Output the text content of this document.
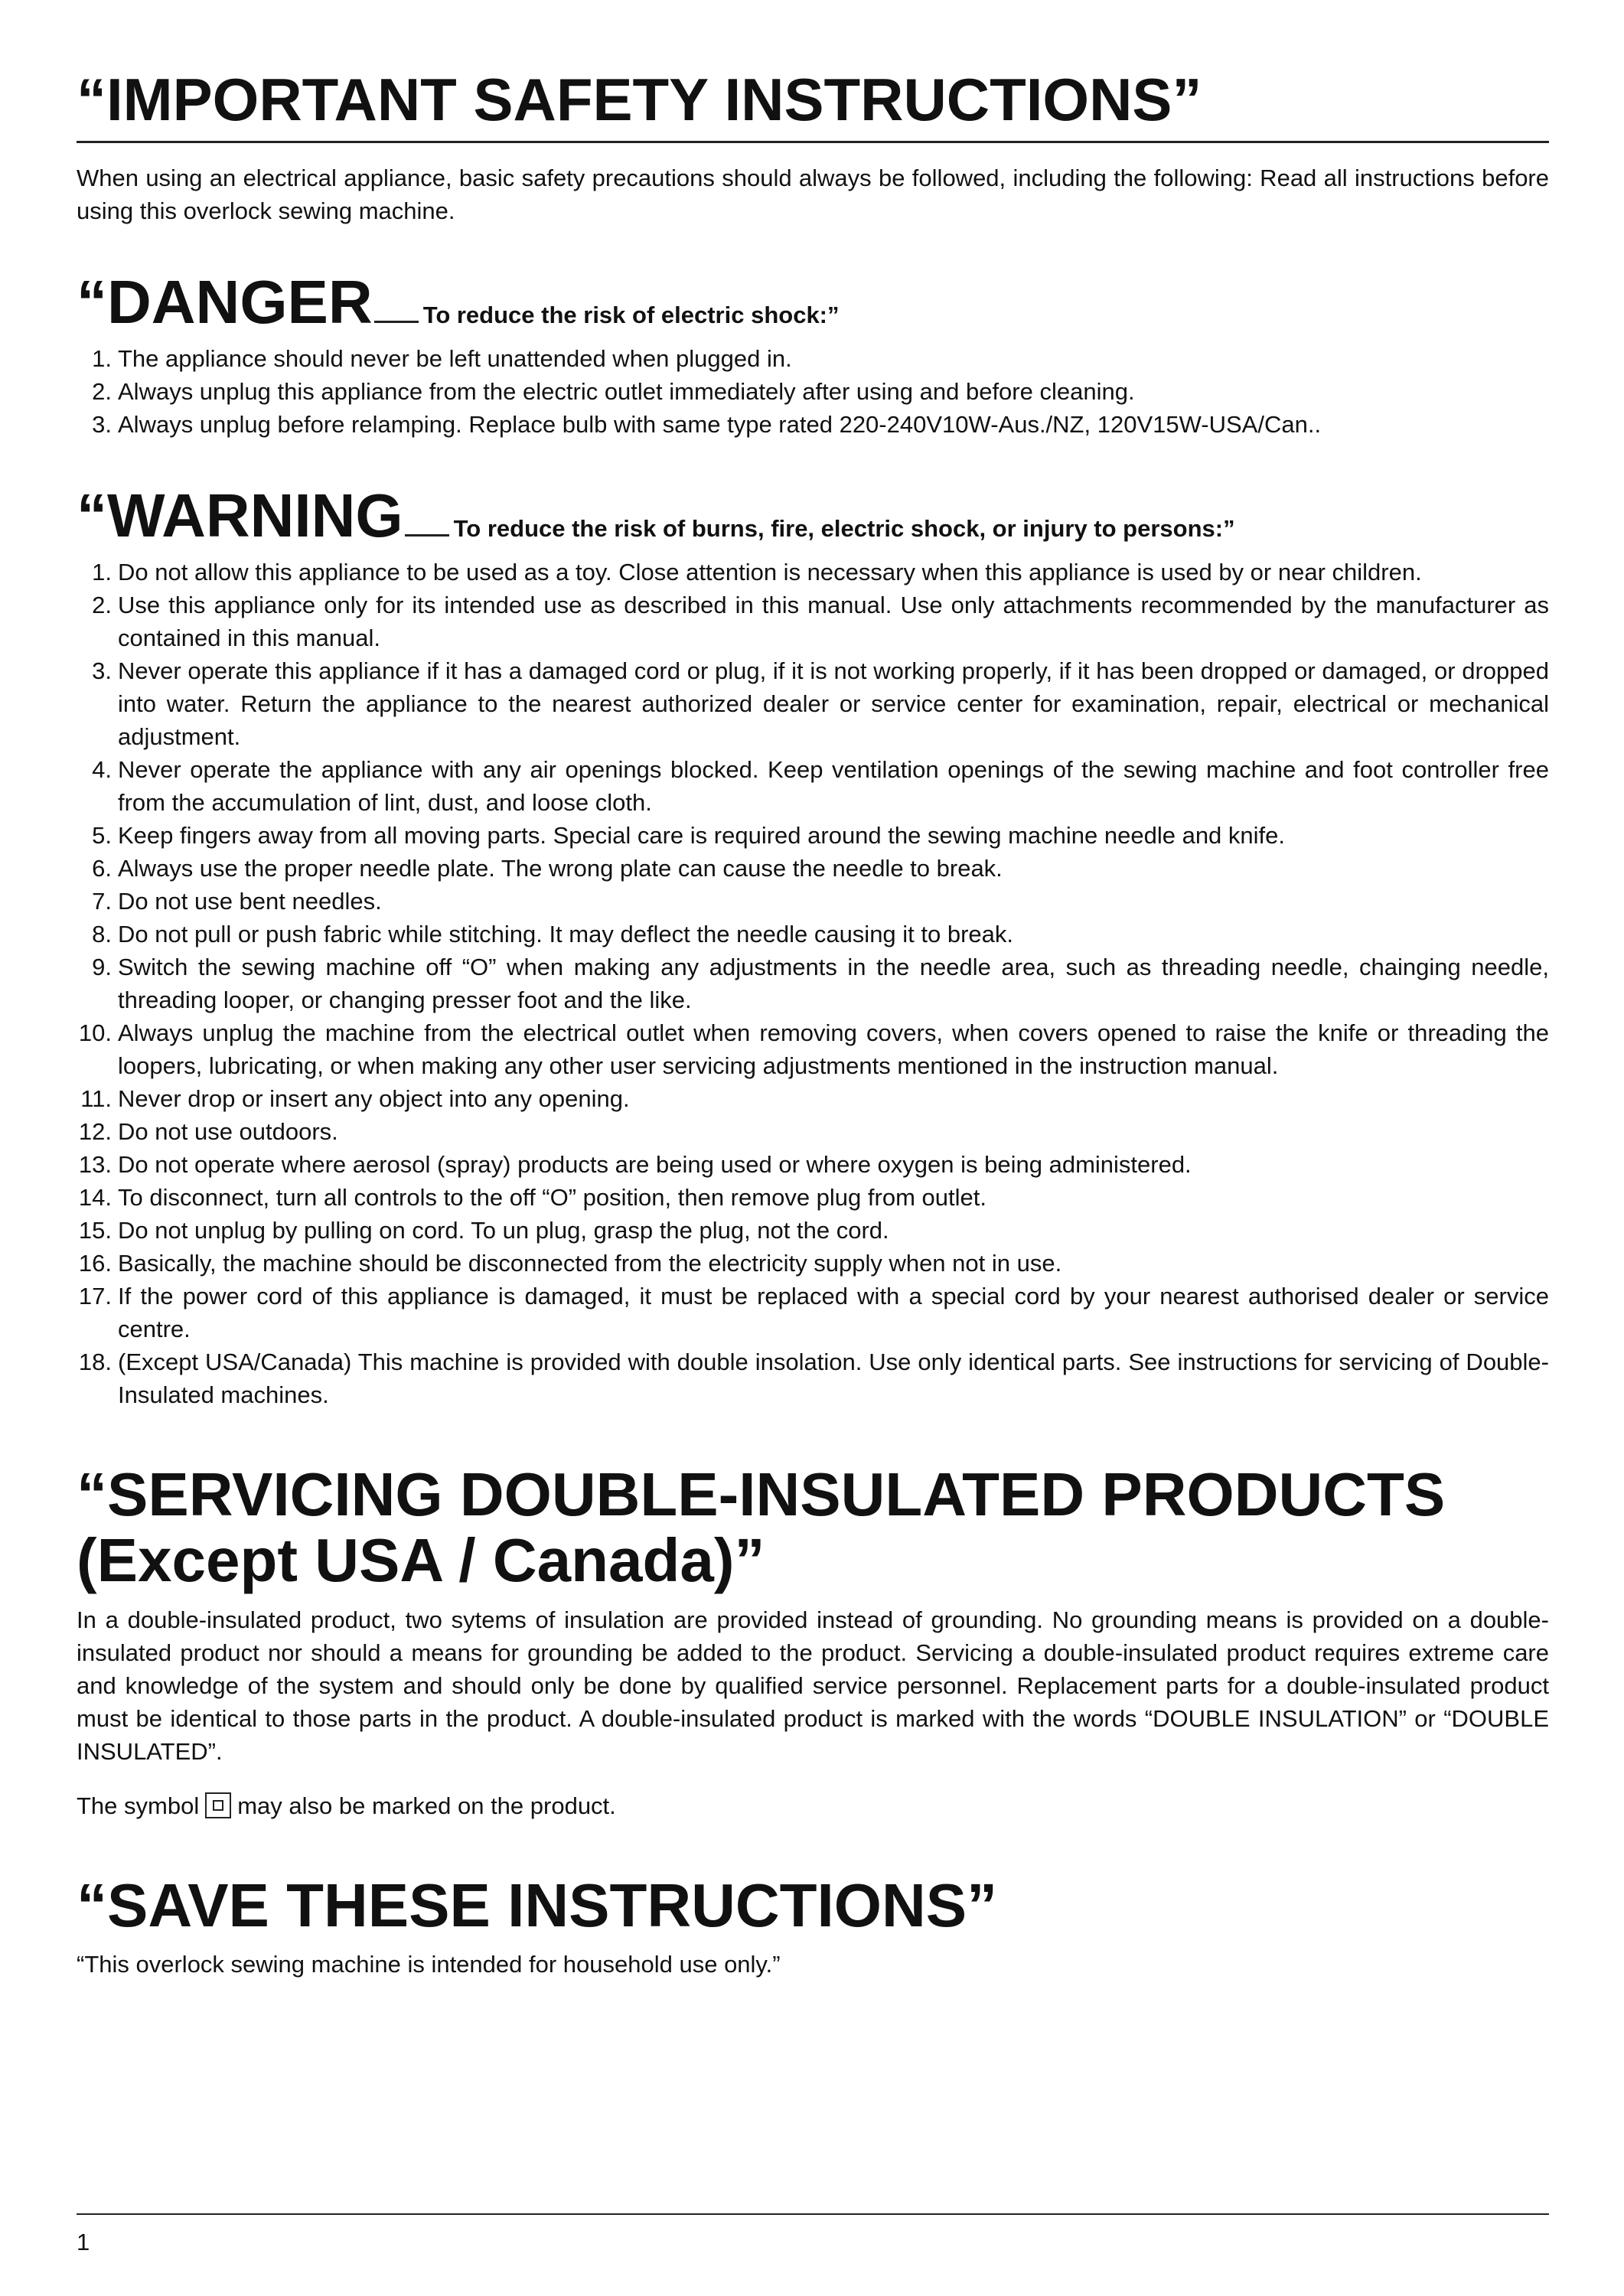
“IMPORTANT SAFETY INSTRUCTIONS”

When using an electrical appliance, basic safety precautions should always be followed, including the following: Read all instructions before using this overlock sewing machine.

“DANGER To reduce the risk of electric shock:”
1. The appliance should never be left unattended when plugged in.
2. Always unplug this appliance from the electric outlet immediately after using and before cleaning.
3. Always unplug before relamping. Replace bulb with same type rated 220-240V10W-Aus./NZ, 120V15W-USA/Can..
“WARNING To reduce the risk of burns, fire, electric shock, or injury to persons:”
1. Do not allow this appliance to be used as a toy. Close attention is necessary when this appliance is used by or near children.
2. Use this appliance only for its intended use as described in this manual. Use only attachments recommended by the manufacturer as contained in this manual.
3. Never operate this appliance if it has a damaged cord or plug, if it is not working properly, if it has been dropped or damaged, or dropped into water. Return the appliance to the nearest authorized dealer or service center for examination, repair, electrical or mechanical adjustment.
4. Never operate the appliance with any air openings blocked. Keep ventilation openings of the sewing machine and foot controller free from the accumulation of lint, dust, and loose cloth.
5. Keep fingers away from all moving parts. Special care is required around the sewing machine needle and knife.
6. Always use the proper needle plate. The wrong plate can cause the needle to break.
7. Do not use bent needles.
8. Do not pull or push fabric while stitching. It may deflect the needle causing it to break.
9. Switch the sewing machine off “O” when making any adjustments in the needle area, such as threading needle, chainging needle, threading looper, or changing presser foot and the like.
10. Always unplug the machine from the electrical outlet when removing covers, when covers opened to raise the knife or threading the loopers, lubricating, or when making any other user servicing adjustments mentioned in the instruction manual.
11. Never drop or insert any object into any opening.
12. Do not use outdoors.
13. Do not operate where aerosol (spray) products are being used or where oxygen is being administered.
14. To disconnect, turn all controls to the off “O” position, then remove plug from outlet.
15. Do not unplug by pulling on cord. To un plug, grasp the plug, not the cord.
16. Basically, the machine should be disconnected from the electricity supply when not in use.
17. If the power cord of this appliance is damaged, it must be replaced with a special cord by your nearest authorised dealer or service centre.
18. (Except USA/Canada) This machine is provided with double insolation. Use only identical parts. See instructions for servicing of Double-Insulated machines.
“SERVICING DOUBLE-INSULATED PRODUCTS
(Except USA / Canada)”

In a double-insulated product, two sytems of insulation are provided instead of grounding. No grounding means is provided on a double-insulated product nor should a means for grounding be added to the product. Servicing a double-insulated product requires extreme care and knowledge of the system and should only be done by qualified service personnel. Replacement parts for a double-insulated product must be identical to those parts in the product. A double-insulated product is marked with the words “DOUBLE INSULATION” or “DOUBLE INSULATED”.

The symbol may also be marked on the product.

“SAVE THESE INSTRUCTIONS”

“This overlock sewing machine is intended for household use only.”

1
